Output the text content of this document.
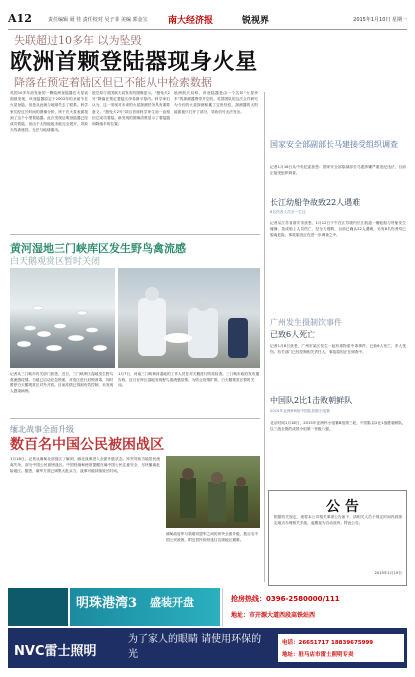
A12	责任编辑 聂 佳 责任校对 吴子菲 美编 郭金宝 南大经济报	锐视界	2015年1月10日 星期一
失联超过10多年 以为坠毁
欧洲首颗登陆器现身火星
降落在预定着陆区但已不能从中检索数据
英国10多年前发射的一颗欧洲登陆器在火星表面被发现，该登陆器原定于2003年的圣诞节在火星登陆，但是从此就与地球失去了联系。科学家们经过长时间的图像分析，终于在火星表面找到了这个小型着陆器。此次发现证明登陆器已经成功着陆，但由于太阳能板未能完全展开，导致天线被遮挡，无法与地球通讯。
欧空局与英国航天局发布的图像显示，“猎兔犬2号”降落在预定着陆区伊希斯平原内。科学家们认为，这一发现对未来的火星探测任务具有重要意义。“猎兔犬2号”项目首席科学家生前一直相信它成功着陆。新发现的图像清楚显示了着陆器和降落伞的位置。
欧洲航天局称，该登陆器是由一个名叫“火星快车”的探测器携带升空的。英国团队的这次合作研究为今后的火星探测积累了宝贵经验。探测器的太阳能面板只打开了部分，导致信号无法发出。
国家安全部副部长马建接受组织调查
记者1月16日从中央纪委获悉：国家安全部原副部长马建涉嫌严重违纪违法，目前正接受组织调查。
长江幼船争故致22人遇难
8名伤者人员全一生还
记者从江苏省淮安市获悉，1月12日下午在江苏境内长江航道一艘轮船与货船发生碰撞，造成船上人员伤亡，经全力搜救，目前已确认22人遇难，另有8名伤者均已脱离危险。事故原因正在进一步调查之中。
广州发生摄制饮事件
已致6人死亡
记者1月8日获悉，广州市某区发生一起有毒物质中毒事件，已致6人死亡，多人受伤。有关部门已经控制相关责任人，事故原因正在调查中。
中国队2比1击败朝鲜队
2015年亚洲杯B组中国队晋级小组赛
北京时间1月18日，2015年亚洲杯小组赛B组第三轮，中国队以2比1战胜朝鲜队，以三战全胜的成绩小组第一晋级八强。
公 告
根据有关规定，现将本公司相关事项公告如下，请相关人员于规定时间内到指定地点办理相关手续，逾期视为自动放弃。特此公告。
2015年1月19日
黄河湿地三门峡库区发生野鸟禽流感
白天鹅观赏区暂时关闭
记者从三门峡市有关部门获悉，近日，三门峡库区湿地发生野鸟禽流感疫情。当地已启动应急预案，对疫区进行封锁消毒，同时暂停白天鹅观赏区对外开放。目前疫情已得到有效控制，未发现人感染病例。
1月7日，河南三门峡黄河湿地的工作人员在对天鹅进行防疫检查。三门峡市政府发布通告称，近日在库区湿地发现野鸟禽流感疫情，为防止疫情扩散，白天鹅观赏区暂时关闭。
缅北战事全面升级
数百名中国公民被困战区
1月18日，记者从缅甸北部战区了解到，缅北战事进入全面升级状态。冲突导致当地居民流离失所，部分中国公民被困战区。中国驻缅甸使馆提醒在缅中国公民注意安全，尽快撤离危险地区。据悉，缅军方面已调集大批兵力，战事可能持续较长时间。
缅甸政府军与果敢同盟军之间的冲突全面升级，数百名中国公民被困，附近居民纷纷逃往边境地区避难。
明珠港湾3 盛装开盘	抢房热线：0396-2580000/111
地址：市开源大道西段高铁站西
NVC雷士照明
为了家人的眼睛 请使用环保的光
电话：26651717 18839675999
地址：驻马店市雷士照明专卖
